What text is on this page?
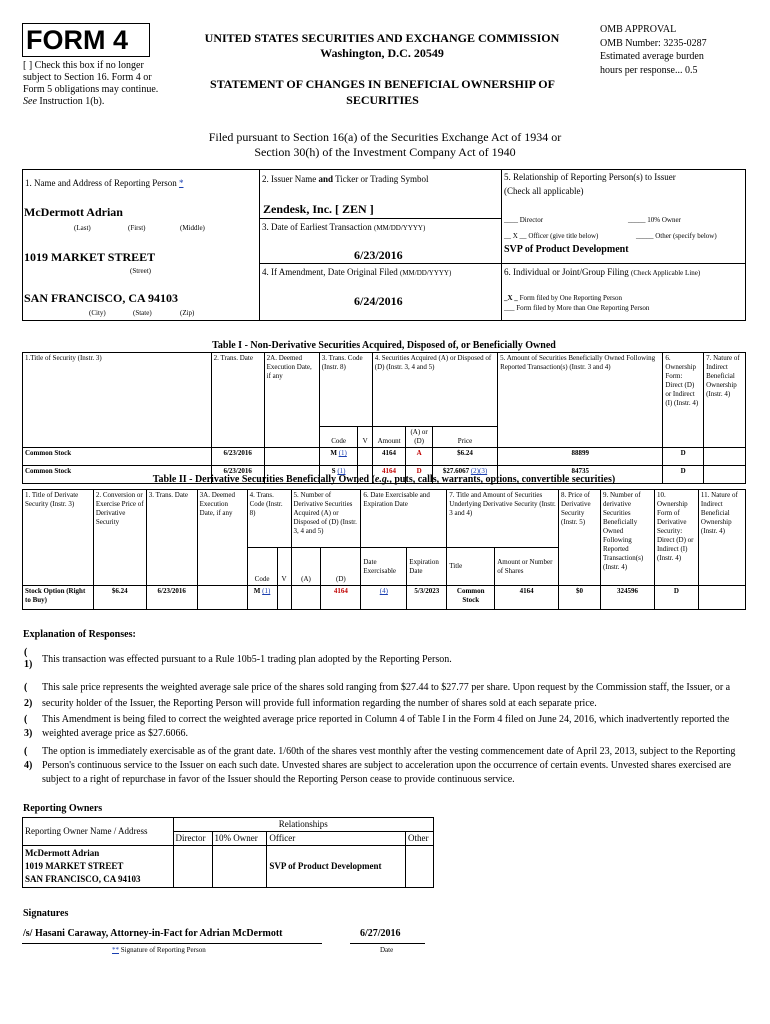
FORM 4
[ ] Check this box if no longer subject to Section 16. Form 4 or Form 5 obligations may continue. See Instruction 1(b).
UNITED STATES SECURITIES AND EXCHANGE COMMISSION
Washington, D.C. 20549
STATEMENT OF CHANGES IN BENEFICIAL OWNERSHIP OF SECURITIES
OMB APPROVAL
OMB Number: 3235-0287
Estimated average burden
hours per response... 0.5
Filed pursuant to Section 16(a) of the Securities Exchange Act of 1934 or
Section 30(h) of the Investment Company Act of 1940
1. Name and Address of Reporting Person *
McDermott Adrian
(Last)	(First)	(Middle)
1019 MARKET STREET
(Street)
SAN FRANCISCO, CA 94103
(City)	(State)	(Zip)
2. Issuer Name and Ticker or Trading Symbol
Zendesk, Inc. [ ZEN ]
3. Date of Earliest Transaction (MM/DD/YYYY)
6/23/2016
4. If Amendment, Date Original Filed (MM/DD/YYYY)
6/24/2016
5. Relationship of Reporting Person(s) to Issuer
(Check all applicable)
____ Director	_____ 10% Owner
__ X __ Officer (give title below)	_____ Other (specify below)
SVP of Product Development
6. Individual or Joint/Group Filing (Check Applicable Line)
_X _ Form filed by One Reporting Person
___ Form filed by More than One Reporting Person
Table I - Non-Derivative Securities Acquired, Disposed of, or Beneficially Owned
1.Title of Security (Instr. 3)	2. Trans. Date	2A. Deemed Execution Date, if any	3. Trans. Code (Instr. 8)		4. Securities Acquired (A) or Disposed of (D) (Instr. 3, 4 and 5)			5. Amount of Securities Beneficially Owned Following Reported Transaction(s) (Instr. 3 and 4)	6. Ownership Form: Direct (D) or Indirect (I) (Instr. 4)	7. Nature of Indirect Beneficial Ownership (Instr. 4)
			Code	V	Amount	(A) or (D)	Price			
Common Stock	6/23/2016		M (1)		4164	A	$6.24	88899	D	
Common Stock	6/23/2016		S (1)		4164	D	$27.6067 (2)(3)	84735	D	
Table II - Derivative Securities Beneficially Owned (e.g., puts, calls, warrants, options, convertible securities)
1. Title of Derivate Security (Instr. 3)	2. Conversion or Exercise Price of Derivative Security	3. Trans. Date	3A. Deemed Execution Date, if any	4. Trans. Code (Instr. 8)		5. Number of Derivative Securities Acquired (A) or Disposed of (D) (Instr. 3, 4 and 5)		6. Date Exercisable and Expiration Date		7. Title and Amount of Securities Underlying Derivative Security (Instr. 3 and 4)		8. Price of Derivative Security (Instr. 5)	9. Number of derivative Securities Beneficially Owned Following Reported Transaction(s) (Instr. 4)	10. Ownership Form of Derivative Security: Direct (D) or Indirect (I) (Instr. 4)	11. Nature of Indirect Beneficial Ownership (Instr. 4)
				Code	V	(A)	(D)	Date Exercisable	Expiration Date	Title	Amount or Number of Shares				
Stock Option (Right to Buy)	$6.24	6/23/2016		M (1)			4164	(4)	5/3/2023	Common Stock	4164	$0	324596	D	
Explanation of Responses:
(
1) This transaction was effected pursuant to a Rule 10b5-1 trading plan adopted by the Reporting Person.
(
2)
This sale price represents the weighted average sale price of the shares sold ranging from $27.44 to $27.77 per share. Upon request by the Commission staff, the Issuer, or a security holder of the Issuer, the Reporting Person will provide full information regarding the number of shares sold at each separate price.
(
3)
This Amendment is being filed to correct the weighted average price reported in Column 4 of Table I in the Form 4 filed on June 24, 2016, which inadvertently reported the weighted average price as $27.6066.
(
4)
The option is immediately exercisable as of the grant date. 1/60th of the shares vest monthly after the vesting commencement date of April 23, 2013, subject to the Reporting Person's continuous service to the Issuer on each such date. Unvested shares are subject to acceleration upon the occurrence of certain events. Unvested shares exercised are subject to a right of repurchase in favor of the Issuer should the Reporting Person cease to provide continuous service.
Reporting Owners
Reporting Owner Name / Address	Relationships			
	Director	10% Owner	Officer	Other

McDermott Adrian
1019 MARKET STREET
SAN FRANCISCO, CA 94103			SVP of Product Development	
Signatures
/s/ Hasani Caraway, Attorney-in-Fact for Adrian McDermott	6/27/2016
** Signature of Reporting Person	Date
